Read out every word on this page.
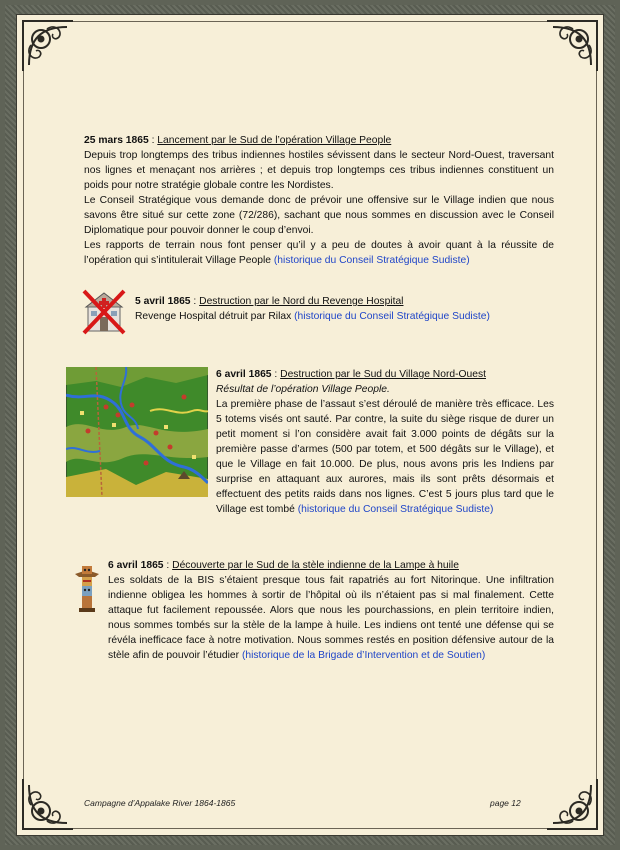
25 mars 1865 : Lancement par le Sud de l’opération Village People

Depuis trop longtemps des tribus indiennes hostiles sévissent dans le secteur Nord-Ouest, traversant nos lignes et menaçant nos arrières ; et depuis trop longtemps ces tribus indiennes constituent un poids pour notre stratégie globale contre les Nordistes.

Le Conseil Stratégique vous demande donc de prévoir une offensive sur le Village indien que nous savons être situé sur cette zone (72/286), sachant que nous sommes en discussion avec le Conseil Diplomatique pour pouvoir donner le coup d’envoi.

Les rapports de terrain nous font penser qu’il y a peu de doutes à avoir quant à la réussite de l’opération qui s’intitulerait Village People (historique du Conseil Stratégique Sudiste)

5 avril 1865 : Destruction par le Nord du Revenge Hospital

Revenge Hospital détruit par Rilax (historique du Conseil Stratégique Sudiste)

6 avril 1865 : Destruction par le Sud du Village Nord-Ouest

Résultat de l’opération Village People.

La première phase de l’assaut s’est déroulé de manière très efficace. Les 5 totems visés ont sauté. Par contre, la suite du siège risque de durer un petit moment si l’on considère avait fait 3.000 points de dégâts sur la première passe d’armes (500 par totem, et 500 dégâts sur le Village), et que le Village en fait 10.000. De plus, nous avons pris les Indiens par surprise en attaquant aux aurores, mais ils sont prêts désormais et effectuent des petits raids dans nos lignes. C’est 5 jours plus tard que le Village est tombé (historique du Conseil Stratégique Sudiste)

6 avril 1865 : Découverte par le Sud de la stèle indienne de la Lampe à huile

Les soldats de la BIS s’étaient presque tous fait rapatriés au fort Nitorinque. Une infiltration indienne obligea les hommes à sortir de l’hôpital où ils n’étaient pas si mal finalement. Cette attaque fut facilement repoussée. Alors que nous les pourchassions, en plein territoire indien, nous sommes tombés sur la stèle de la lampe à huile. Les indiens ont tenté une défense qui se révéla inefficace face à notre motivation. Nous sommes restés en position défensive autour de la stèle afin de pouvoir l’étudier (historique de la Brigade d’Intervention et de Soutien)

Campagne d’Appalake River 1864-1865	page 12
